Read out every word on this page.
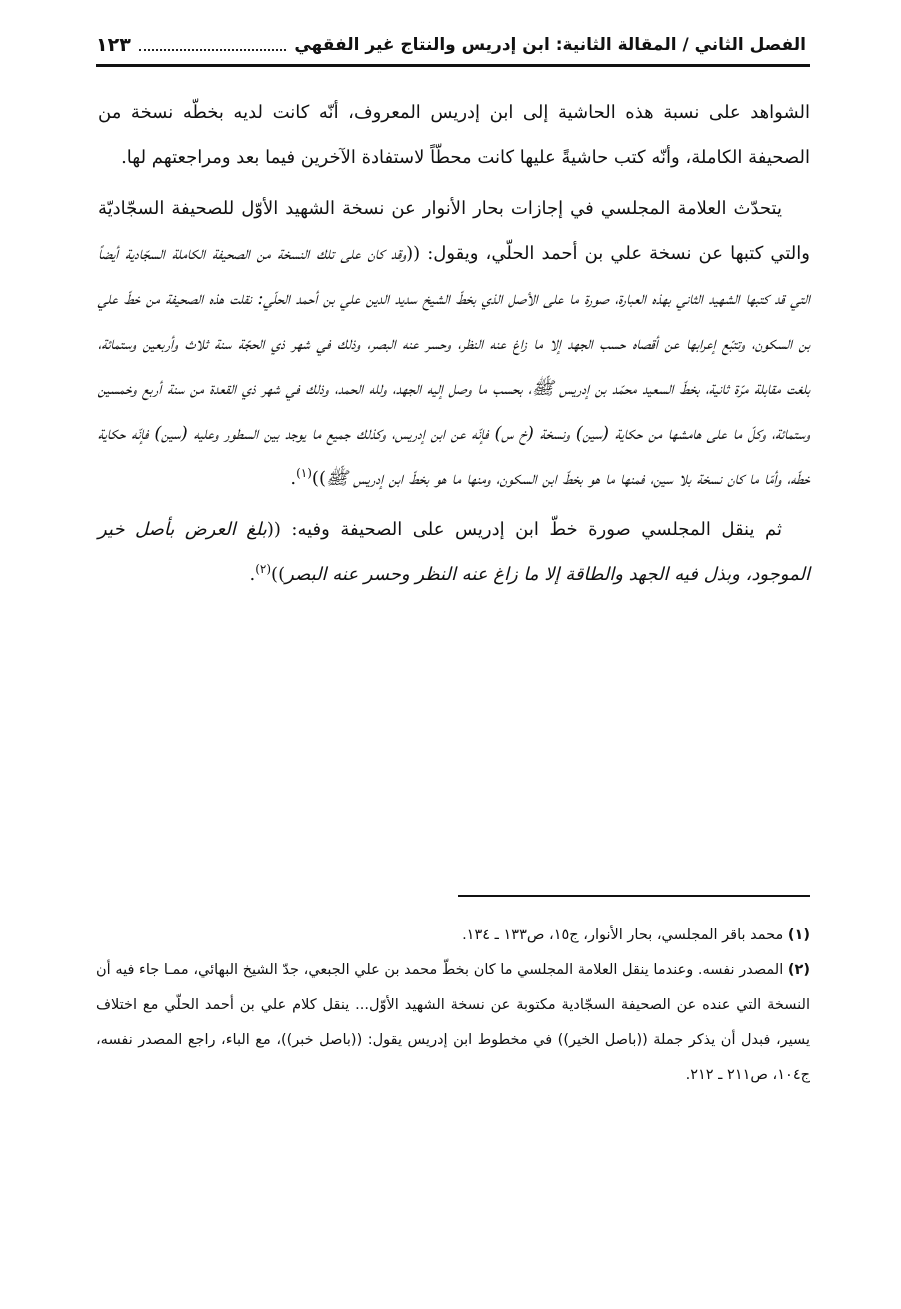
الفصل الثاني / المقالة الثانية: ابن إدريس والنتاج غير الفقهي
١٢٣

الشواهد على نسبة هذه الحاشية إلى ابن إدريس المعروف، أنّه كانت لديه بخطّه نسخة من الصحيفة الكاملة، وأنّه كتب حاشيةً عليها كانت محطّاً لاستفادة الآخرين فيما بعد ومراجعتهم لها.

يتحدّث العلامة المجلسي في إجازات بحار الأنوار عن نسخة الشهيد الأوّل للصحيفة السجّاديّة والتي كتبها عن نسخة علي بن أحمد الحلّي، ويقول: ((وقد كان على تلك النسخة من الصحيفة الكاملة السجّادية أيضاً التي قد كتبها الشهيد الثاني بهذه العبارة، صورة ما على الأصل الذي بخطّ الشيخ سديد الدين علي بن أحمد الحلّي: نقلت هذه الصحيفة من خطّ علي بن السكون، وتتبّع إعرابها عن أقصاه حسب الجهد إلا ما زاغ عنه النظر، وحسر عنه البصر، وذلك في شهر ذي الحجّة سنة ثلاث وأربعين وستمائة، بلغت مقابلة مرّة ثانية، بخطّ السعيد محمّد بن إدريس ﷺ، بحسب ما وصل إليه الجهد، ولله الحمد، وذلك في شهر ذي القعدة من سنة أربع وخمسين وستمائة، وكلّ ما على هامشها من حكاية (سين) ونسخة (خ س) فإنّه عن ابن إدريس، وكذلك جميع ما يوجد بين السطور وعليه (سين) فإنّه حكاية خطّه، وأمّا ما كان نسخة بلا سين، فمنها ما هو بخطّ ابن السكون، ومنها ما هو بخطّ ابن إدريس ﷺ))$^{(١)}$.

ثم ينقل المجلسي صورة خطّ ابن إدريس على الصحيفة وفيه: ((بلغ العرض بأصل خير الموجود، وبذل فيه الجهد والطاقة إلا ما زاغ عنه النظر وحسر عنه البصر))$^{(٢)}$.

(١) محمد باقر المجلسي، بحار الأنوار، ج١٥، ص١٣٣ ـ ١٣٤.

(٢) المصدر نفسه. وعندما ينقل العلامة المجلسي ما كان بخطّ محمد بن علي الجبعي، جدّ الشيخ البهائي، ممـا جاء فيه أن النسخة التي عنده عن الصحيفة السجّادية مكتوبة عن نسخة الشهيد الأوّل... ينقل كلام علي بن أحمد الحلّي مع اختلاف يسير، فبدل أن يذكر جملة ((باصل الخير)) في مخطوط ابن إدريس يقول: ((باصل خبر))، مع الباء، راجع المصدر نفسه، ج١٠٤، ص٢١١ ـ ٢١٢.
